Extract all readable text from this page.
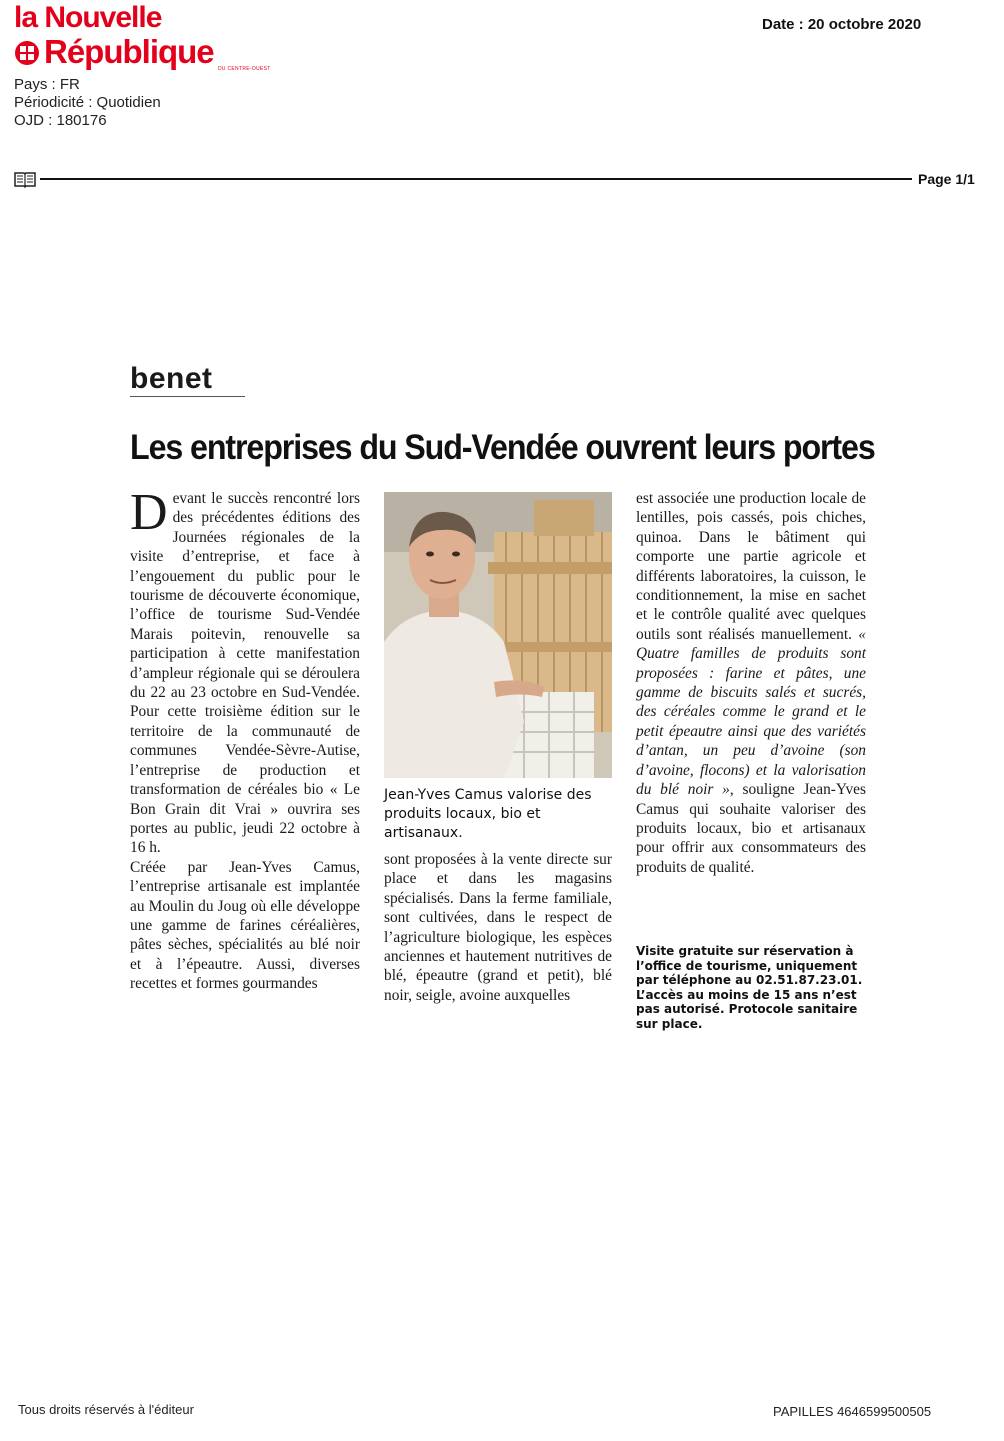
la Nouvelle
République DU CENTRE-OUEST
Pays : FR
Périodicité : Quotidien
OJD : 180176
Date : 20 octobre 2020
Page 1/1
benet
Les entreprises du Sud-Vendée ouvrent leurs portes

Devant le succès rencontré lors des précédentes éditions des Journées régionales de la visite d’entreprise, et face à l’engouement du public pour le tourisme de découverte économique, l’office de tourisme Sud-Vendée Marais poitevin, renouvelle sa participation à cette manifestation d’ampleur régionale qui se déroulera du 22 au 23 octobre en Sud-Vendée. Pour cette troisième édition sur le territoire de la communauté de communes Vendée-Sèvre-Autise, l’entreprise de production et transformation de céréales bio « Le Bon Grain dit Vrai » ouvrira ses portes au public, jeudi 22 octobre à 16 h.

Créée par Jean-Yves Camus, l’entreprise artisanale est implantée au Moulin du Joug où elle développe une gamme de farines céréalières, pâtes sèches, spécialités au blé noir et à l’épeautre. Aussi, diverses recettes et formes gourmandes

Jean-Yves Camus valorise des produits locaux, bio et artisanaux.

sont proposées à la vente directe sur place et dans les magasins spécialisés. Dans la ferme familiale, sont cultivées, dans le respect de l’agriculture biologique, les espèces anciennes et hautement nutritives de blé, épeautre (grand et petit), blé noir, seigle, avoine auxquelles

est associée une production locale de lentilles, pois cassés, pois chiches, quinoa. Dans le bâtiment qui comporte une partie agricole et différents laboratoires, la cuisson, le conditionnement, la mise en sachet et le contrôle qualité avec quelques outils sont réalisés manuellement. « Quatre familles de produits sont proposées : farine et pâtes, une gamme de biscuits salés et sucrés, des céréales comme le grand et le petit épeautre ainsi que des variétés d’antan, un peu d’avoine (son d’avoine, flocons) et la valorisation du blé noir », souligne Jean-Yves Camus qui souhaite valoriser des produits locaux, bio et artisanaux pour offrir aux consommateurs des produits de qualité.

Visite gratuite sur réservation à l’office de tourisme, uniquement par téléphone au 02.51.87.23.01. L’accès au moins de 15 ans n’est pas autorisé. Protocole sanitaire sur place.
Tous droits réservés à l'éditeur	PAPILLES 4646599500505
